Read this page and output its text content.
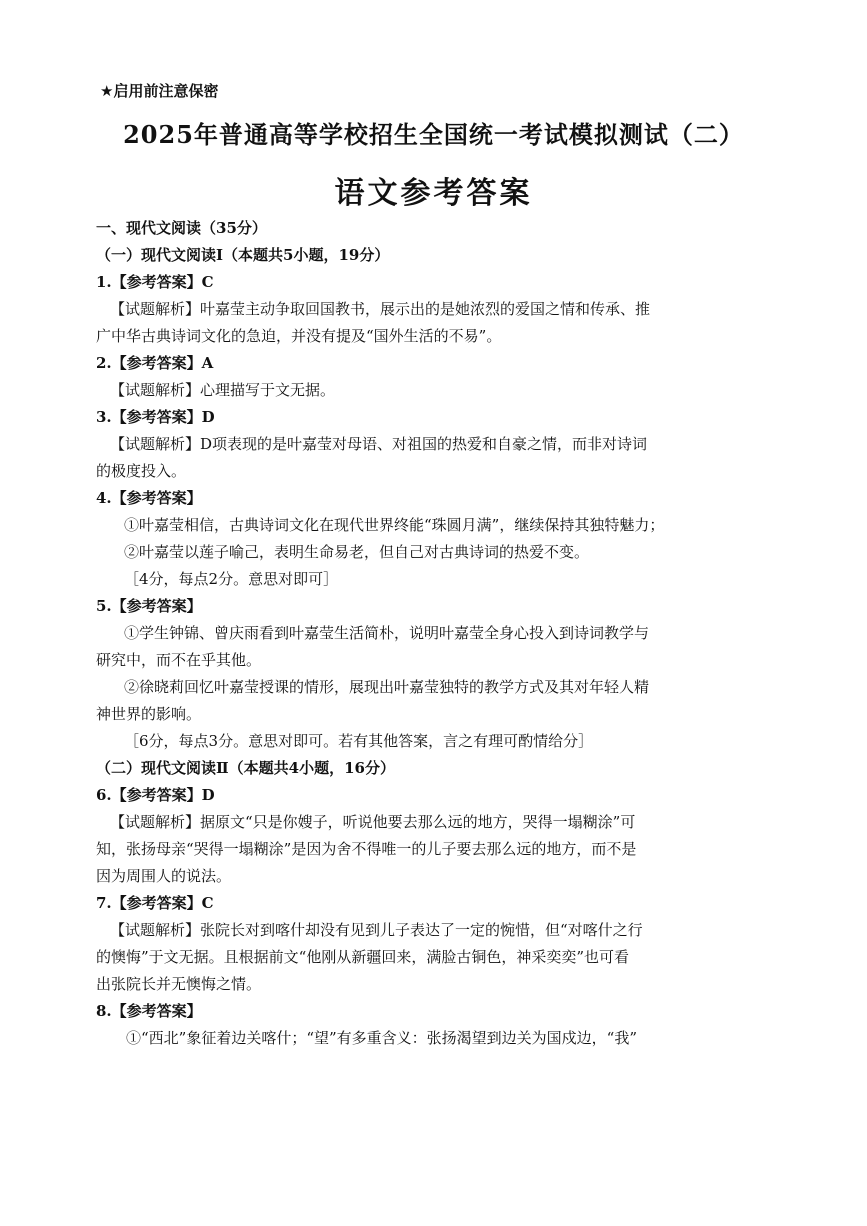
★启用前注意保密
2025年普通高等学校招生全国统一考试模拟测试（二）
语文参考答案
一、现代文阅读（35分）
（一）现代文阅读Ⅰ（本题共5小题，19分）
1.【参考答案】C
【试题解析】叶嘉莹主动争取回国教书，展示出的是她浓烈的爱国之情和传承、推
广中华古典诗词文化的急迫，并没有提及“国外生活的不易”。
2.【参考答案】A
【试题解析】心理描写于文无据。
3.【参考答案】D
【试题解析】D项表现的是叶嘉莹对母语、对祖国的热爱和自豪之情，而非对诗词
的极度投入。
4.【参考答案】
①叶嘉莹相信，古典诗词文化在现代世界终能“珠圆月满”，继续保持其独特魅力；
②叶嘉莹以莲子喻己，表明生命易老，但自己对古典诗词的热爱不变。
［4分，每点2分。意思对即可］
5.【参考答案】
①学生钟锦、曾庆雨看到叶嘉莹生活简朴，说明叶嘉莹全身心投入到诗词教学与
研究中，而不在乎其他。
②徐晓莉回忆叶嘉莹授课的情形，展现出叶嘉莹独特的教学方式及其对年轻人精
神世界的影响。
［6分，每点3分。意思对即可。若有其他答案，言之有理可酌情给分］
（二）现代文阅读Ⅱ（本题共4小题，16分）
6.【参考答案】D
【试题解析】据原文“只是你嫂子，听说他要去那么远的地方，哭得一塌糊涂”可
知，张扬母亲“哭得一塌糊涂”是因为舍不得唯一的儿子要去那么远的地方，而不是
因为周围人的说法。
7.【参考答案】C
【试题解析】张院长对到喀什却没有见到儿子表达了一定的惋惜，但“对喀什之行
的懊悔”于文无据。且根据前文“他刚从新疆回来，满脸古铜色，神采奕奕”也可看
出张院长并无懊悔之情。
8.【参考答案】
①“西北”象征着边关喀什；“望”有多重含义：张扬渴望到边关为国戍边，“我”
